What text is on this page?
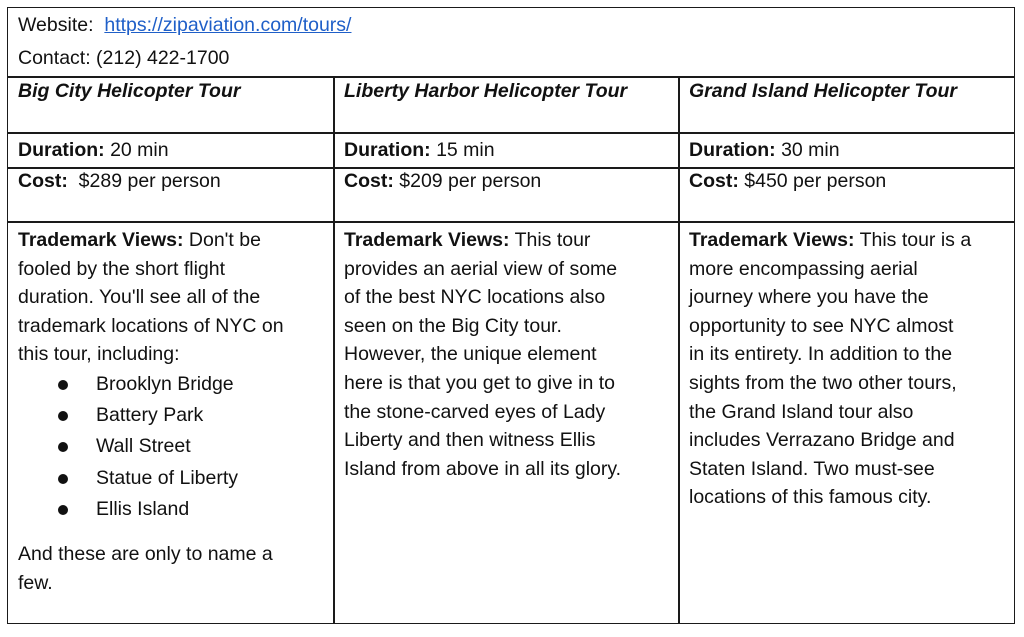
Website: https://zipaviation.com/tours/
Contact: (212) 422-1700
Big City Helicopter Tour
Duration: 20 min
Cost: $289 per person
Trademark Views: Don't be
fooled by the short flight
duration. You'll see all of the
trademark locations of NYC on
this tour, including:
Brooklyn Bridge
Battery Park
Wall Street
Statue of Liberty
Ellis Island
And these are only to name a
few.
Liberty Harbor Helicopter Tour
Duration: 15 min
Cost: $209 per person
Trademark Views: This tour
provides an aerial view of some
of the best NYC locations also
seen on the Big City tour.
However, the unique element
here is that you get to give in to
the stone-carved eyes of Lady
Liberty and then witness Ellis
Island from above in all its glory.
Grand Island Helicopter Tour
Duration: 30 min
Cost: $450 per person
Trademark Views: This tour is a
more encompassing aerial
journey where you have the
opportunity to see NYC almost
in its entirety. In addition to the
sights from the two other tours,
the Grand Island tour also
includes Verrazano Bridge and
Staten Island. Two must-see
locations of this famous city.
